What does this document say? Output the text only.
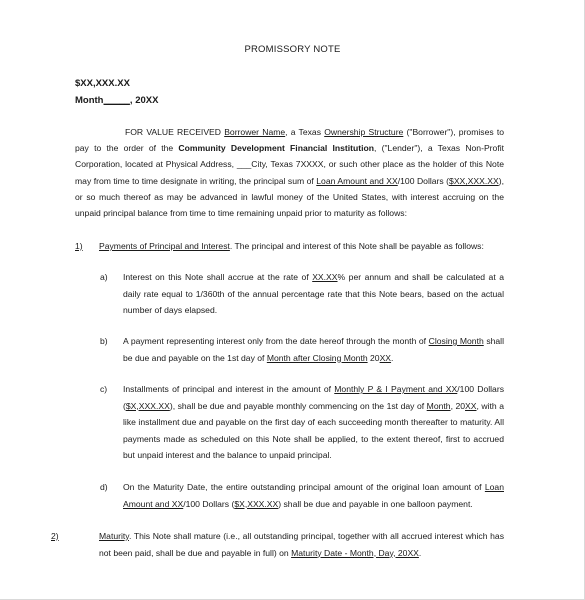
PROMISSORY NOTE
$XX,XXX.XX
Month_____, 20XX
FOR VALUE RECEIVED Borrower Name, a Texas Ownership Structure ("Borrower"), promises to pay to the order of the Community Development Financial Institution, ("Lender"), a Texas Non-Profit Corporation, located at Physical Address, ___City, Texas 7XXXX, or such other place as the holder of this Note may from time to time designate in writing, the principal sum of Loan Amount and XX/100 Dollars ($XX,XXX.XX), or so much thereof as may be advanced in lawful money of the United States, with interest accruing on the unpaid principal balance from time to time remaining unpaid prior to maturity as follows:
1) Payments of Principal and Interest. The principal and interest of this Note shall be payable as follows:
a) Interest on this Note shall accrue at the rate of XX.XX% per annum and shall be calculated at a daily rate equal to 1/360th of the annual percentage rate that this Note bears, based on the actual number of days elapsed.
b) A payment representing interest only from the date hereof through the month of Closing Month shall be due and payable on the 1st day of Month after Closing Month 20XX.
c) Installments of principal and interest in the amount of Monthly P & I Payment and XX/100 Dollars ($X,XXX.XX), shall be due and payable monthly commencing on the 1st day of Month, 20XX, with a like installment due and payable on the first day of each succeeding month thereafter to maturity. All payments made as scheduled on this Note shall be applied, to the extent thereof, first to accrued but unpaid interest and the balance to unpaid principal.
d) On the Maturity Date, the entire outstanding principal amount of the original loan amount of Loan Amount and XX/100 Dollars ($X,XXX.XX) shall be due and payable in one balloon payment.
2)	Maturity. This Note shall mature (i.e., all outstanding principal, together with all accrued interest which has not been paid, shall be due and payable in full) on Maturity Date - Month, Day, 20XX.
